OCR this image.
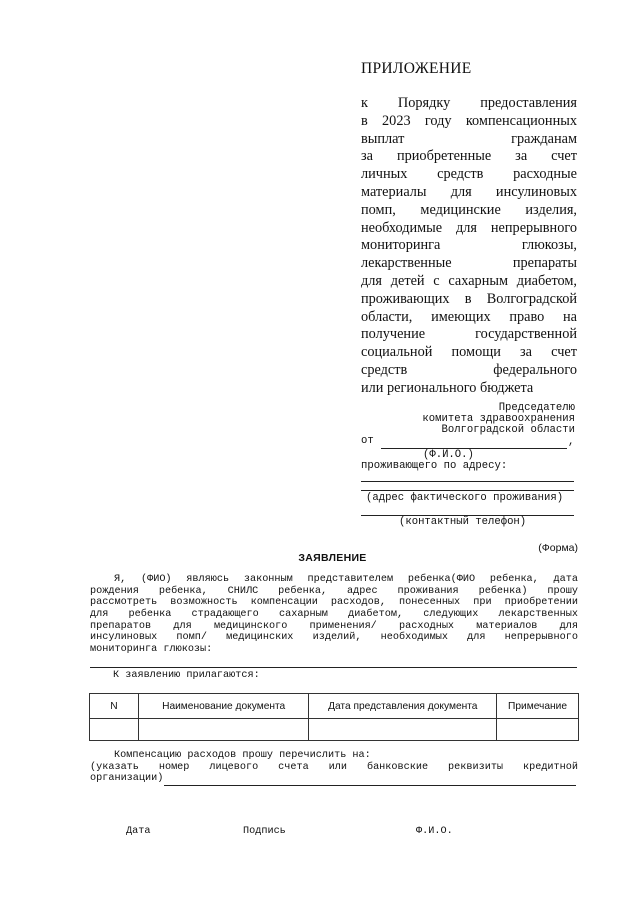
ПРИЛОЖЕНИЕ
к Порядку предоставления
в 2023 году компенсационных
выплат гражданам
за приобретенные за счет
личных средств расходные
материалы для инсулиновых
помп, медицинские изделия,
необходимые для непрерывного
мониторинга глюкозы,
лекарственные препараты
для детей с сахарным диабетом,
проживающих в Волгоградской
области, имеющих право на
получение государственной
социальной помощи за счет
средств федерального
или регионального бюджета
Председателю
комитета здравоохранения
Волгоградской области
от	,
(Ф.И.О.)
проживающего по адресу:
(адрес фактического проживания)
(контактный телефон)
(Форма)
ЗАЯВЛЕНИЕ
Я, (ФИО) являюсь законным представителем ребенка(ФИО ребенка, дата
рождения ребенка, СНИЛС ребенка, адрес проживания ребенка) прошу
рассмотреть возможность компенсации расходов, понесенных при приобретении
для ребенка страдающего сахарным диабетом, следующих лекарственных
препаратов для медицинского применения/ расходных материалов для
инсулиновых помп/ медицинских изделий, необходимых для непрерывного
мониторинга глюкозы:
К заявлению прилагаются:
N	Наименование документа	Дата представления документа	Примечание

Компенсацию расходов прошу перечислить на:
(указать номер лицевого счета или банковские реквизиты кредитной
организации)
Дата	Подпись	Ф.И.О.
